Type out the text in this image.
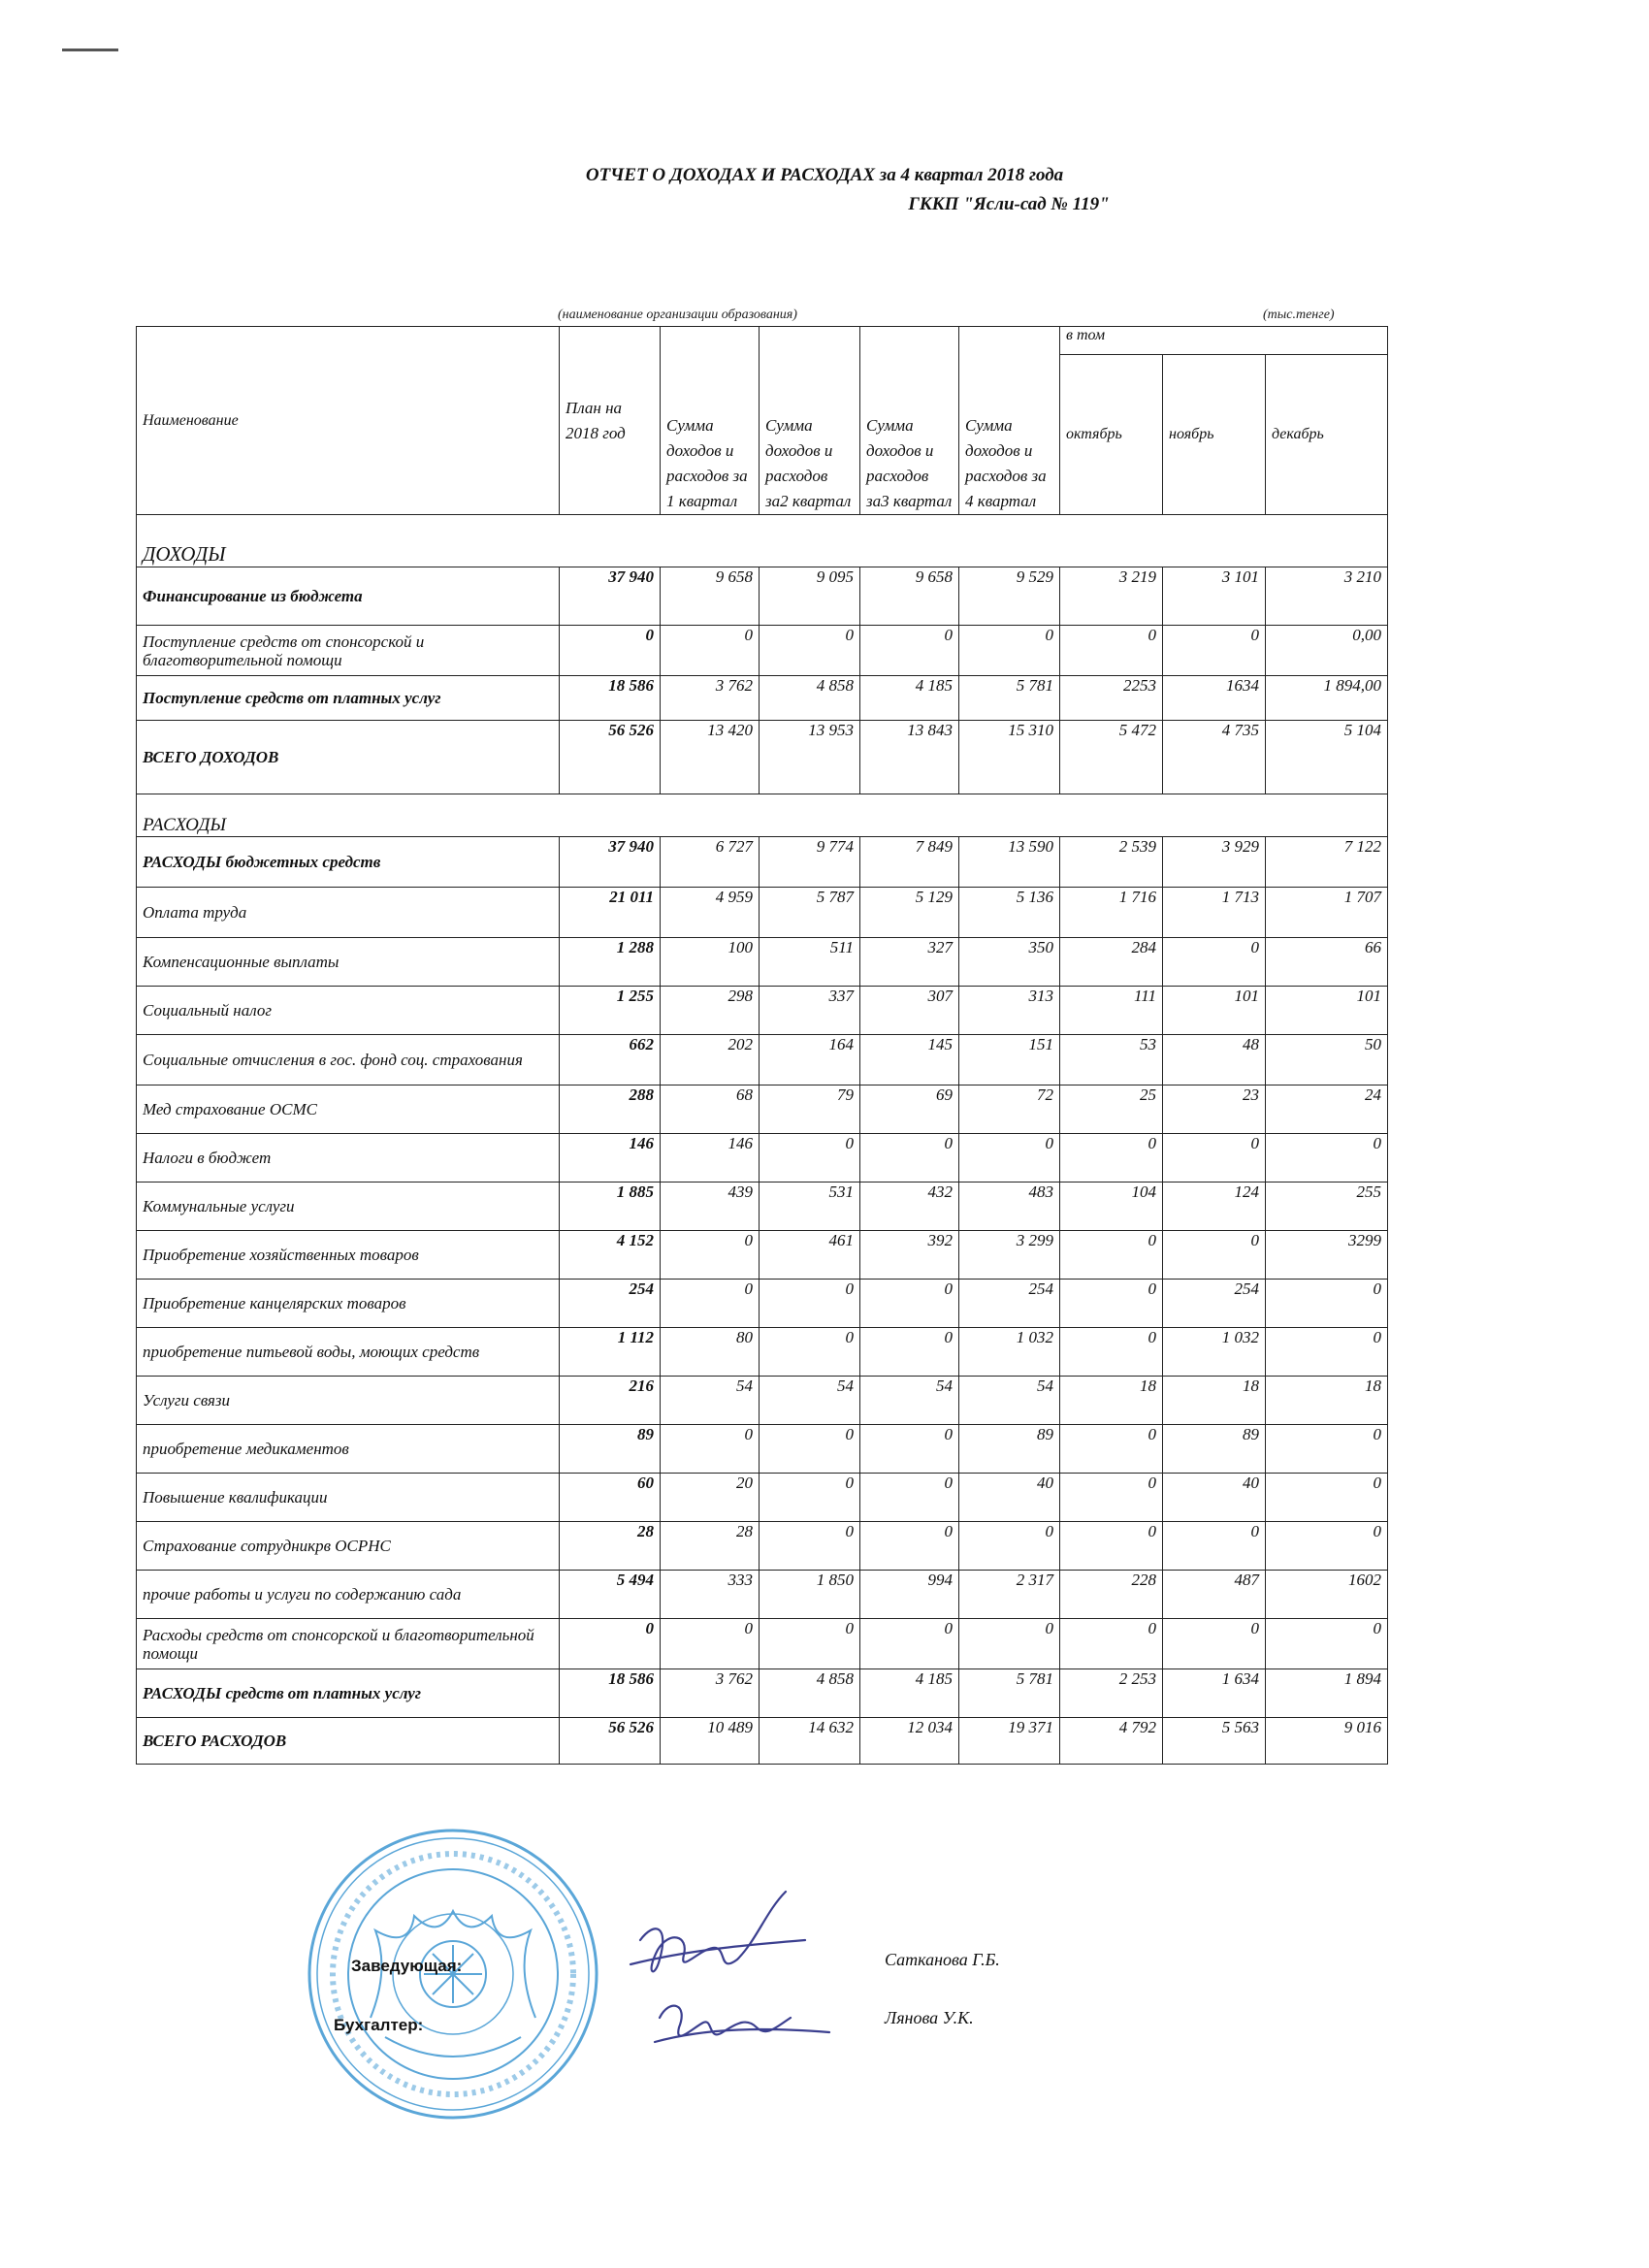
ОТЧЕТ О ДОХОДАХ И РАСХОДАХ за 4 квартал 2018 года
ГККП "Ясли-сад № 119"
(наименование организации образования)	(тыс.тенге)
Наименование	План на 2018 год	Сумма доходов и расходов за 1 квартал	Сумма доходов и расходов за2 квартал	Сумма доходов и расходов за3 квартал	Сумма доходов и расходов за 4 квартал	в том		
						октябрь	ноябрь	декабрь
ДОХОДЫ								
Финансирование из бюджета	37 940	9 658	9 095	9 658	9 529	3 219	3 101	3 210
Поступление средств от спонсорской и благотворительной помощи	0	0	0	0	0	0	0	0,00
Поступление средств от платных услуг	18 586	3 762	4 858	4 185	5 781	2253	1634	1 894,00
ВСЕГО ДОХОДОВ	56 526	13 420	13 953	13 843	15 310	5 472	4 735	5 104
РАСХОДЫ								
РАСХОДЫ бюджетных средств	37 940	6 727	9 774	7 849	13 590	2 539	3 929	7 122
Оплата труда	21 011	4 959	5 787	5 129	5 136	1 716	1 713	1 707
Компенсационные выплаты	1 288	100	511	327	350	284	0	66
Социальный налог	1 255	298	337	307	313	111	101	101
Социальные отчисления в гос. фонд соц. страхования	662	202	164	145	151	53	48	50
Мед страхование ОСМС	288	68	79	69	72	25	23	24
Налоги в бюджет	146	146	0	0	0	0	0	0
Коммунальные услуги	1 885	439	531	432	483	104	124	255
Приобретение хозяйственных товаров	4 152	0	461	392	3 299	0	0	3299
Приобретение канцелярских товаров	254	0	0	0	254	0	254	0
приобретение питьевой воды, моющих средств	1 112	80	0	0	1 032	0	1 032	0
Услуги связи	216	54	54	54	54	18	18	18
приобретение медикаментов	89	0	0	0	89	0	89	0
Повышение квалификации	60	20	0	0	40	0	40	0
Страхование сотрудникрв ОСРНС	28	28	0	0	0	0	0	0
прочие работы и услуги по содержанию сада	5 494	333	1 850	994	2 317	228	487	1602
Расходы средств от спонсорской и благотворительной помощи	0	0	0	0	0	0	0	0
РАСХОДЫ средств от платных услуг	18 586	3 762	4 858	4 185	5 781	2 253	1 634	1 894
ВСЕГО РАСХОДОВ	56 526	10 489	14 632	12 034	19 371	4 792	5 563	9 016
Заведующая:
Бухгалтер:
Сатканова Г.Б.
Лянова У.К.
